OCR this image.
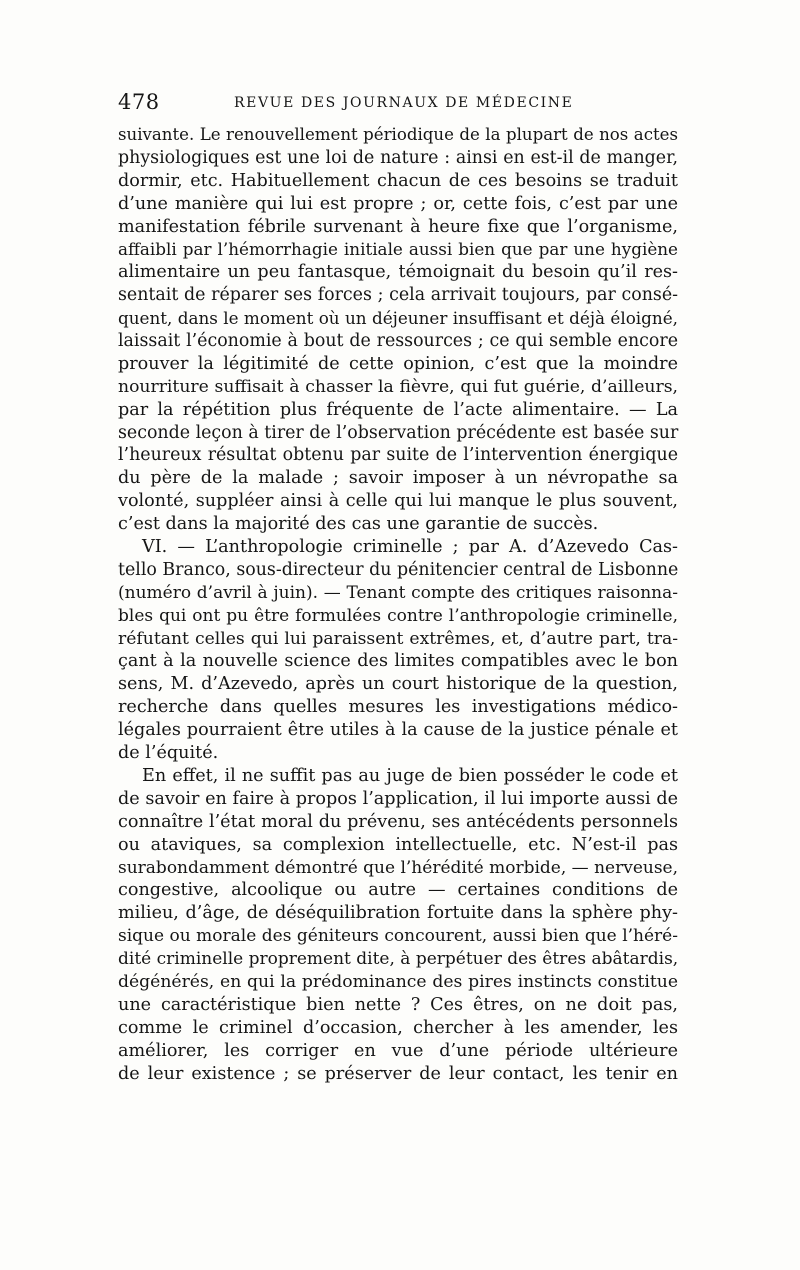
478	REVUE DES JOURNAUX DE MÉDECINE
suivante. Le renouvellement périodique de la plupart de nos actes
physiologiques est une loi de nature : ainsi en est-il de manger,
dormir, etc. Habituellement chacun de ces besoins se traduit
d’une manière qui lui est propre ; or, cette fois, c’est par une
manifestation fébrile survenant à heure fixe que l’organisme,
affaibli par l’hémorrhagie initiale aussi bien que par une hygiène
alimentaire un peu fantasque, témoignait du besoin qu’il res-
sentait de réparer ses forces ; cela arrivait toujours, par consé-
quent, dans le moment où un déjeuner insuffisant et déjà éloigné,
laissait l’économie à bout de ressources ; ce qui semble encore
prouver la légitimité de cette opinion, c’est que la moindre
nourriture suffisait à chasser la fièvre, qui fut guérie, d’ailleurs,
par la répétition plus fréquente de l’acte alimentaire. — La
seconde leçon à tirer de l’observation précédente est basée sur
l’heureux résultat obtenu par suite de l’intervention énergique
du père de la malade ; savoir imposer à un névropathe sa
volonté, suppléer ainsi à celle qui lui manque le plus souvent,
c’est dans la majorité des cas une garantie de succès.
VI. — L’anthropologie criminelle ; par A. d’Azevedo Cas-
tello Branco, sous-directeur du pénitencier central de Lisbonne
(numéro d’avril à juin). — Tenant compte des critiques raisonna-
bles qui ont pu être formulées contre l’anthropologie criminelle,
réfutant celles qui lui paraissent extrêmes, et, d’autre part, tra-
çant à la nouvelle science des limites compatibles avec le bon
sens, M. d’Azevedo, après un court historique de la question,
recherche dans quelles mesures les investigations médico-
légales pourraient être utiles à la cause de la justice pénale et
de l’équité.
En effet, il ne suffit pas au juge de bien posséder le code et
de savoir en faire à propos l’application, il lui importe aussi de
connaître l’état moral du prévenu, ses antécédents personnels
ou ataviques, sa complexion intellectuelle, etc. N’est-il pas
surabondamment démontré que l’hérédité morbide, — nerveuse,
congestive, alcoolique ou autre — certaines conditions de
milieu, d’âge, de déséquilibration fortuite dans la sphère phy-
sique ou morale des géniteurs concourent, aussi bien que l’héré-
dité criminelle proprement dite, à perpétuer des êtres abâtardis,
dégénérés, en qui la prédominance des pires instincts constitue
une caractéristique bien nette ? Ces êtres, on ne doit pas,
comme le criminel d’occasion, chercher à les amender, les
améliorer, les corriger en vue d’une période ultérieure
de leur existence ; se préserver de leur contact, les tenir en
